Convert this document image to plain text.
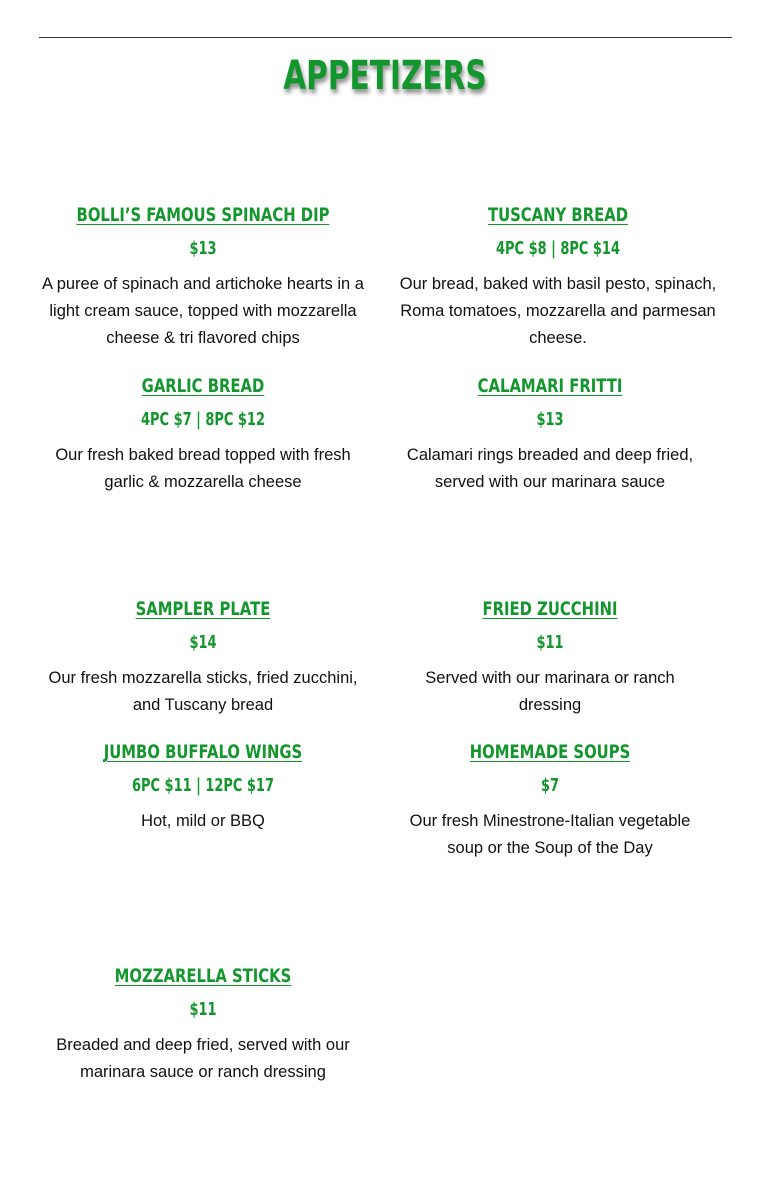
APPETIZERS
BOLLI’S FAMOUS SPINACH DIP
$13
A puree of spinach and artichoke hearts in a light cream sauce, topped with mozzarella cheese & tri flavored chips
TUSCANY BREAD
4PC $8 | 8PC $14
Our bread, baked with basil pesto, spinach, Roma tomatoes, mozzarella and parmesan cheese.
GARLIC BREAD
4PC $7 | 8PC $12
Our fresh baked bread topped with fresh garlic & mozzarella cheese
CALAMARI FRITTI
$13
Calamari rings breaded and deep fried, served with our marinara sauce
SAMPLER PLATE
$14
Our fresh mozzarella sticks, fried zucchini, and Tuscany bread
FRIED ZUCCHINI
$11
Served with our marinara or ranch dressing
JUMBO BUFFALO WINGS
6PC $11 | 12PC $17
Hot, mild or BBQ
HOMEMADE SOUPS
$7
Our fresh Minestrone-Italian vegetable soup or the Soup of the Day
MOZZARELLA STICKS
$11
Breaded and deep fried, served with our marinara sauce or ranch dressing
